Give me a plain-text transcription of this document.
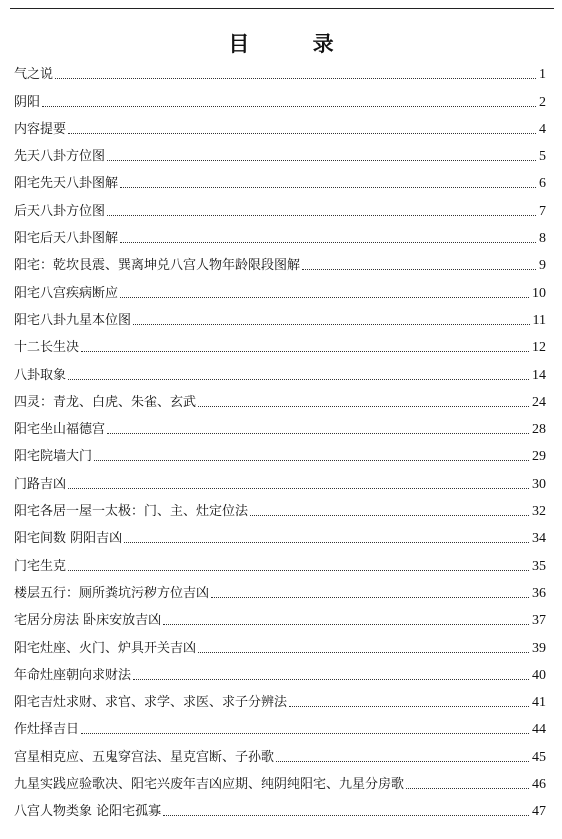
目 录
气之说	1
阴阳	2
内容提要	4
先天八卦方位图	5
阳宅先天八卦图解	6
后天八卦方位图	7
阳宅后天八卦图解	8
阳宅：乾坎艮震、巽离坤兑八宫人物年龄限段图解	9
阳宅八宫疾病断应	10
阳宅八卦九星本位图	11
十二长生决	12
八卦取象	14
四灵：青龙、白虎、朱雀、玄武	24
阳宅坐山福德宫	28
阳宅院墙大门	29
门路吉凶	30
阳宅各居一屋一太极：门、主、灶定位法	32
阳宅间数 阴阳吉凶	34
门宅生克	35
楼层五行：厕所粪坑污秽方位吉凶	36
宅居分房法 卧床安放吉凶	37
阳宅灶座、火门、炉具开关吉凶	39
年命灶座朝向求财法	40
阳宅吉灶求财、求官、求学、求医、求子分辨法	41
作灶择吉日	44
宫星相克应、五鬼穿宫法、星克宫断、子孙歌	45
九星实践应验歌决、阳宅兴废年吉凶应期、纯阴纯阳宅、九星分房歌	46
八宫人物类象 论阳宅孤寡	47
